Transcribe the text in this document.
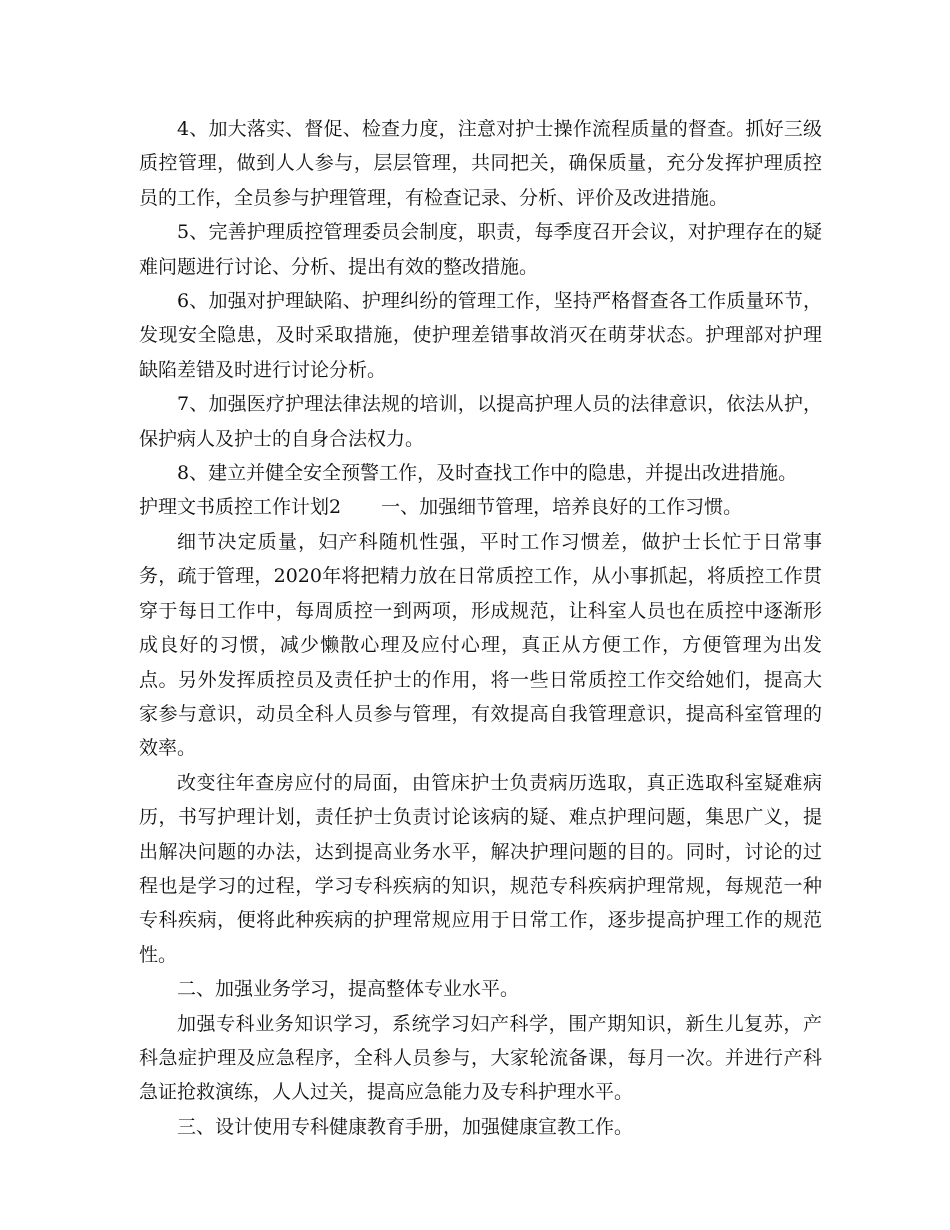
4、加大落实、督促、检查力度，注意对护士操作流程质量的督查。抓好三级质控管理，做到人人参与，层层管理，共同把关，确保质量，充分发挥护理质控员的工作，全员参与护理管理，有检查记录、分析、评价及改进措施。

5、完善护理质控管理委员会制度，职责，每季度召开会议，对护理存在的疑难问题进行讨论、分析、提出有效的整改措施。

6、加强对护理缺陷、护理纠纷的管理工作，坚持严格督查各工作质量环节，发现安全隐患，及时采取措施，使护理差错事故消灭在萌芽状态。护理部对护理缺陷差错及时进行讨论分析。

7、加强医疗护理法律法规的培训，以提高护理人员的法律意识，依法从护，保护病人及护士的自身合法权力。

8、建立并健全安全预警工作，及时查找工作中的隐患，并提出改进措施。

护理文书质控工作计划2 一、加强细节管理，培养良好的工作习惯。

细节决定质量，妇产科随机性强，平时工作习惯差，做护士长忙于日常事务，疏于管理，2020年将把精力放在日常质控工作，从小事抓起，将质控工作贯穿于每日工作中，每周质控一到两项，形成规范，让科室人员也在质控中逐渐形成良好的习惯，减少懒散心理及应付心理，真正从方便工作，方便管理为出发点。另外发挥质控员及责任护士的作用，将一些日常质控工作交给她们，提高大家参与意识，动员全科人员参与管理，有效提高自我管理意识，提高科室管理的效率。

改变往年查房应付的局面，由管床护士负责病历选取，真正选取科室疑难病历，书写护理计划，责任护士负责讨论该病的疑、难点护理问题，集思广义，提出解决问题的办法，达到提高业务水平，解决护理问题的目的。同时，讨论的过程也是学习的过程，学习专科疾病的知识，规范专科疾病护理常规，每规范一种专科疾病，便将此种疾病的护理常规应用于日常工作，逐步提高护理工作的规范性。

二、加强业务学习，提高整体专业水平。

加强专科业务知识学习，系统学习妇产科学，围产期知识，新生儿复苏，产科急症护理及应急程序，全科人员参与，大家轮流备课，每月一次。并进行产科急证抢救演练，人人过关，提高应急能力及专科护理水平。

三、设计使用专科健康教育手册，加强健康宣教工作。
